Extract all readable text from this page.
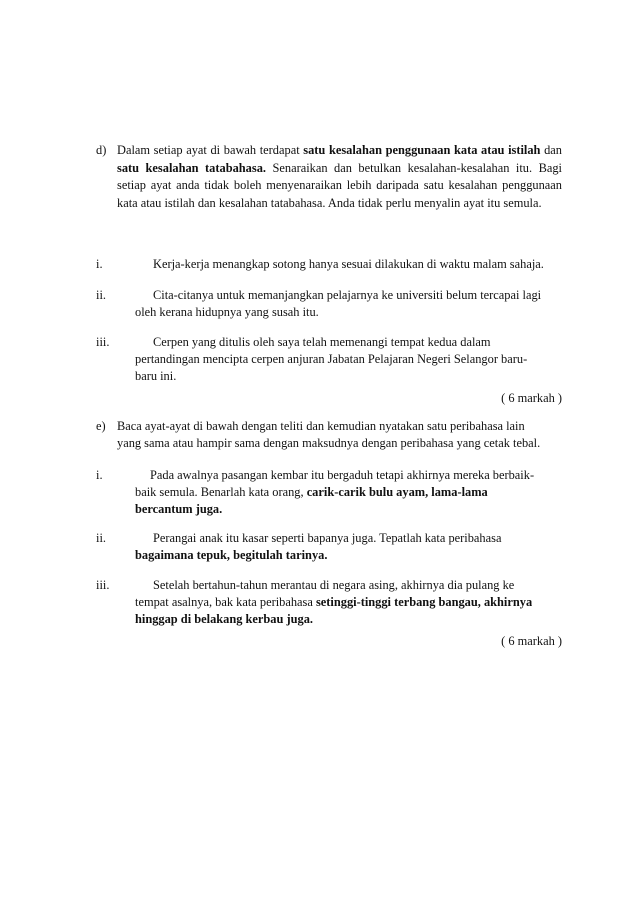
d) Dalam setiap ayat di bawah terdapat satu kesalahan penggunaan kata atau istilah dan satu kesalahan tatabahasa. Senaraikan dan betulkan kesalahan-kesalahan itu. Bagi setiap ayat anda tidak boleh menyenaraikan lebih daripada satu kesalahan penggunaan kata atau istilah dan kesalahan tatabahasa. Anda tidak perlu menyalin ayat itu semula.
i.	Kerja-kerja menangkap sotong hanya sesuai dilakukan di waktu malam sahaja.
ii.	Cita-citanya untuk memanjangkan pelajarnya ke universiti belum tercapai lagi
oleh kerana hidupnya yang susah itu.
iii.	Cerpen yang ditulis oleh saya telah memenangi tempat kedua dalam
pertandingan mencipta cerpen anjuran Jabatan Pelajaran Negeri Selangor baru-
baru ini.
( 6 markah )
e) Baca ayat-ayat di bawah dengan teliti dan kemudian nyatakan satu peribahasa lain
yang sama atau hampir sama dengan maksudnya dengan peribahasa yang cetak tebal.
i.	Pada awalnya pasangan kembar itu bergaduh tetapi akhirnya mereka berbaik-
baik semula. Benarlah kata orang, carik-carik bulu ayam, lama-lama
bercantum juga.
ii.	Perangai anak itu kasar seperti bapanya juga. Tepatlah kata peribahasa
bagaimana tepuk, begitulah tarinya.
iii.	Setelah bertahun-tahun merantau di negara asing, akhirnya dia pulang ke
tempat asalnya, bak kata peribahasa setinggi-tinggi terbang bangau, akhirnya
hinggap di belakang kerbau juga.
( 6 markah )
